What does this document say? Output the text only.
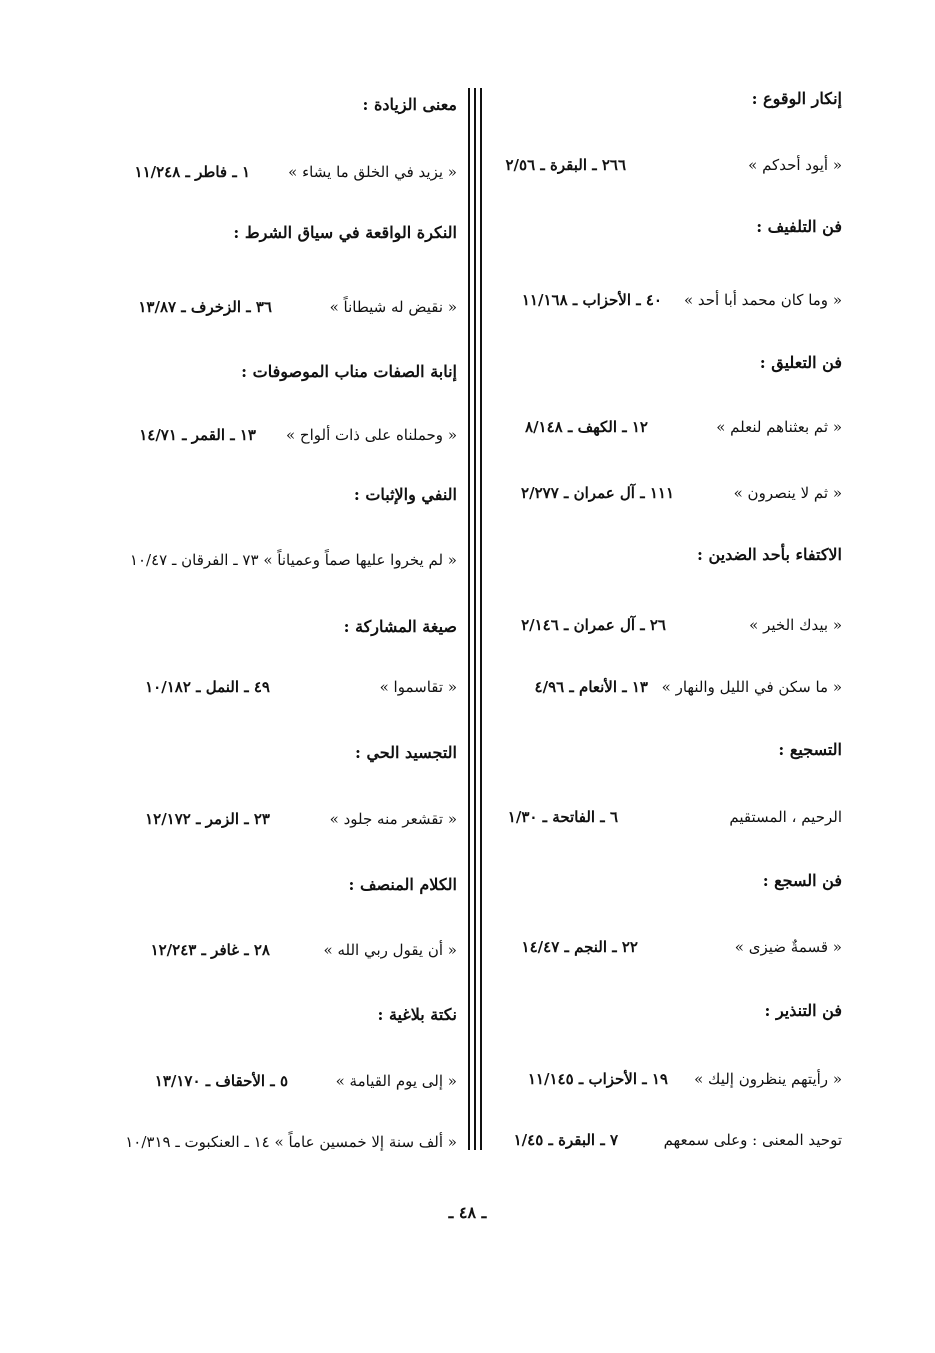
إنكار الوقوع :
« أيود أحدكم »
٢٦٦ ـ البقرة ـ ٢/٥٦
فن التلفيف :
« وما كان محمد أبا أحد »
٤٠ ـ الأحزاب ـ ١١/١٦٨
فن التعليق :
« ثم بعثناهم لنعلم »
١٢ ـ الكهف ـ ٨/١٤٨
« ثم لا ينصرون »
١١١ ـ آل عمران ـ ٢/٢٧٧
الاكتفاء بأحد الضدين :
« بيدك الخير »
٢٦ ـ آل عمران ـ ٢/١٤٦
« ما سكن في الليل والنهار »
١٣ ـ الأنعام ـ ٤/٩٦
التسجيع :
الرحيم ، المستقيم
٦ ـ الفاتحة ـ ١/٣٠
فن السجع :
« قسمةٌ ضيزى »
٢٢ ـ النجم ـ ١٤/٤٧
فن التنذير :
« رأيتهم ينظرون إليك »
١٩ ـ الأحزاب ـ ١١/١٤٥
توحيد المعنى : وعلى سمعهم
٧ ـ البقرة ـ ١/٤٥
معنى الزيادة :
« يزيد في الخلق ما يشاء »
١ ـ فاطر ـ ١١/٢٤٨
النكرة الواقعة في سياق الشرط :
« نقيض له شيطاناً »
٣٦ ـ الزخرف ـ ١٣/٨٧
إنابة الصفات مناب الموصوفات :
« وحملناه على ذات ألواح »
١٣ ـ القمر ـ ١٤/٧١
النفي والإثبات :
« لم يخروا عليها صماً وعمياناً » ٧٣ ـ الفرقان ـ ١٠/٤٧
صيغة المشاركة :
« تقاسموا »
٤٩ ـ النمل ـ ١٠/١٨٢
التجسيد الحي :
« تقشعر منه جلود »
٢٣ ـ الزمر ـ ١٢/١٧٢
الكلام المنصف :
« أن يقول ربي الله »
٢٨ ـ غافر ـ ١٢/٢٤٣
نكتة بلاغية :
« إلى يوم القيامة »
٥ ـ الأحقاف ـ ١٣/١٧٠
« ألف سنة إلا خمسين عاماً » ١٤ ـ العنكبوت ـ ١٠/٣١٩
ـ ٤٨ ـ
